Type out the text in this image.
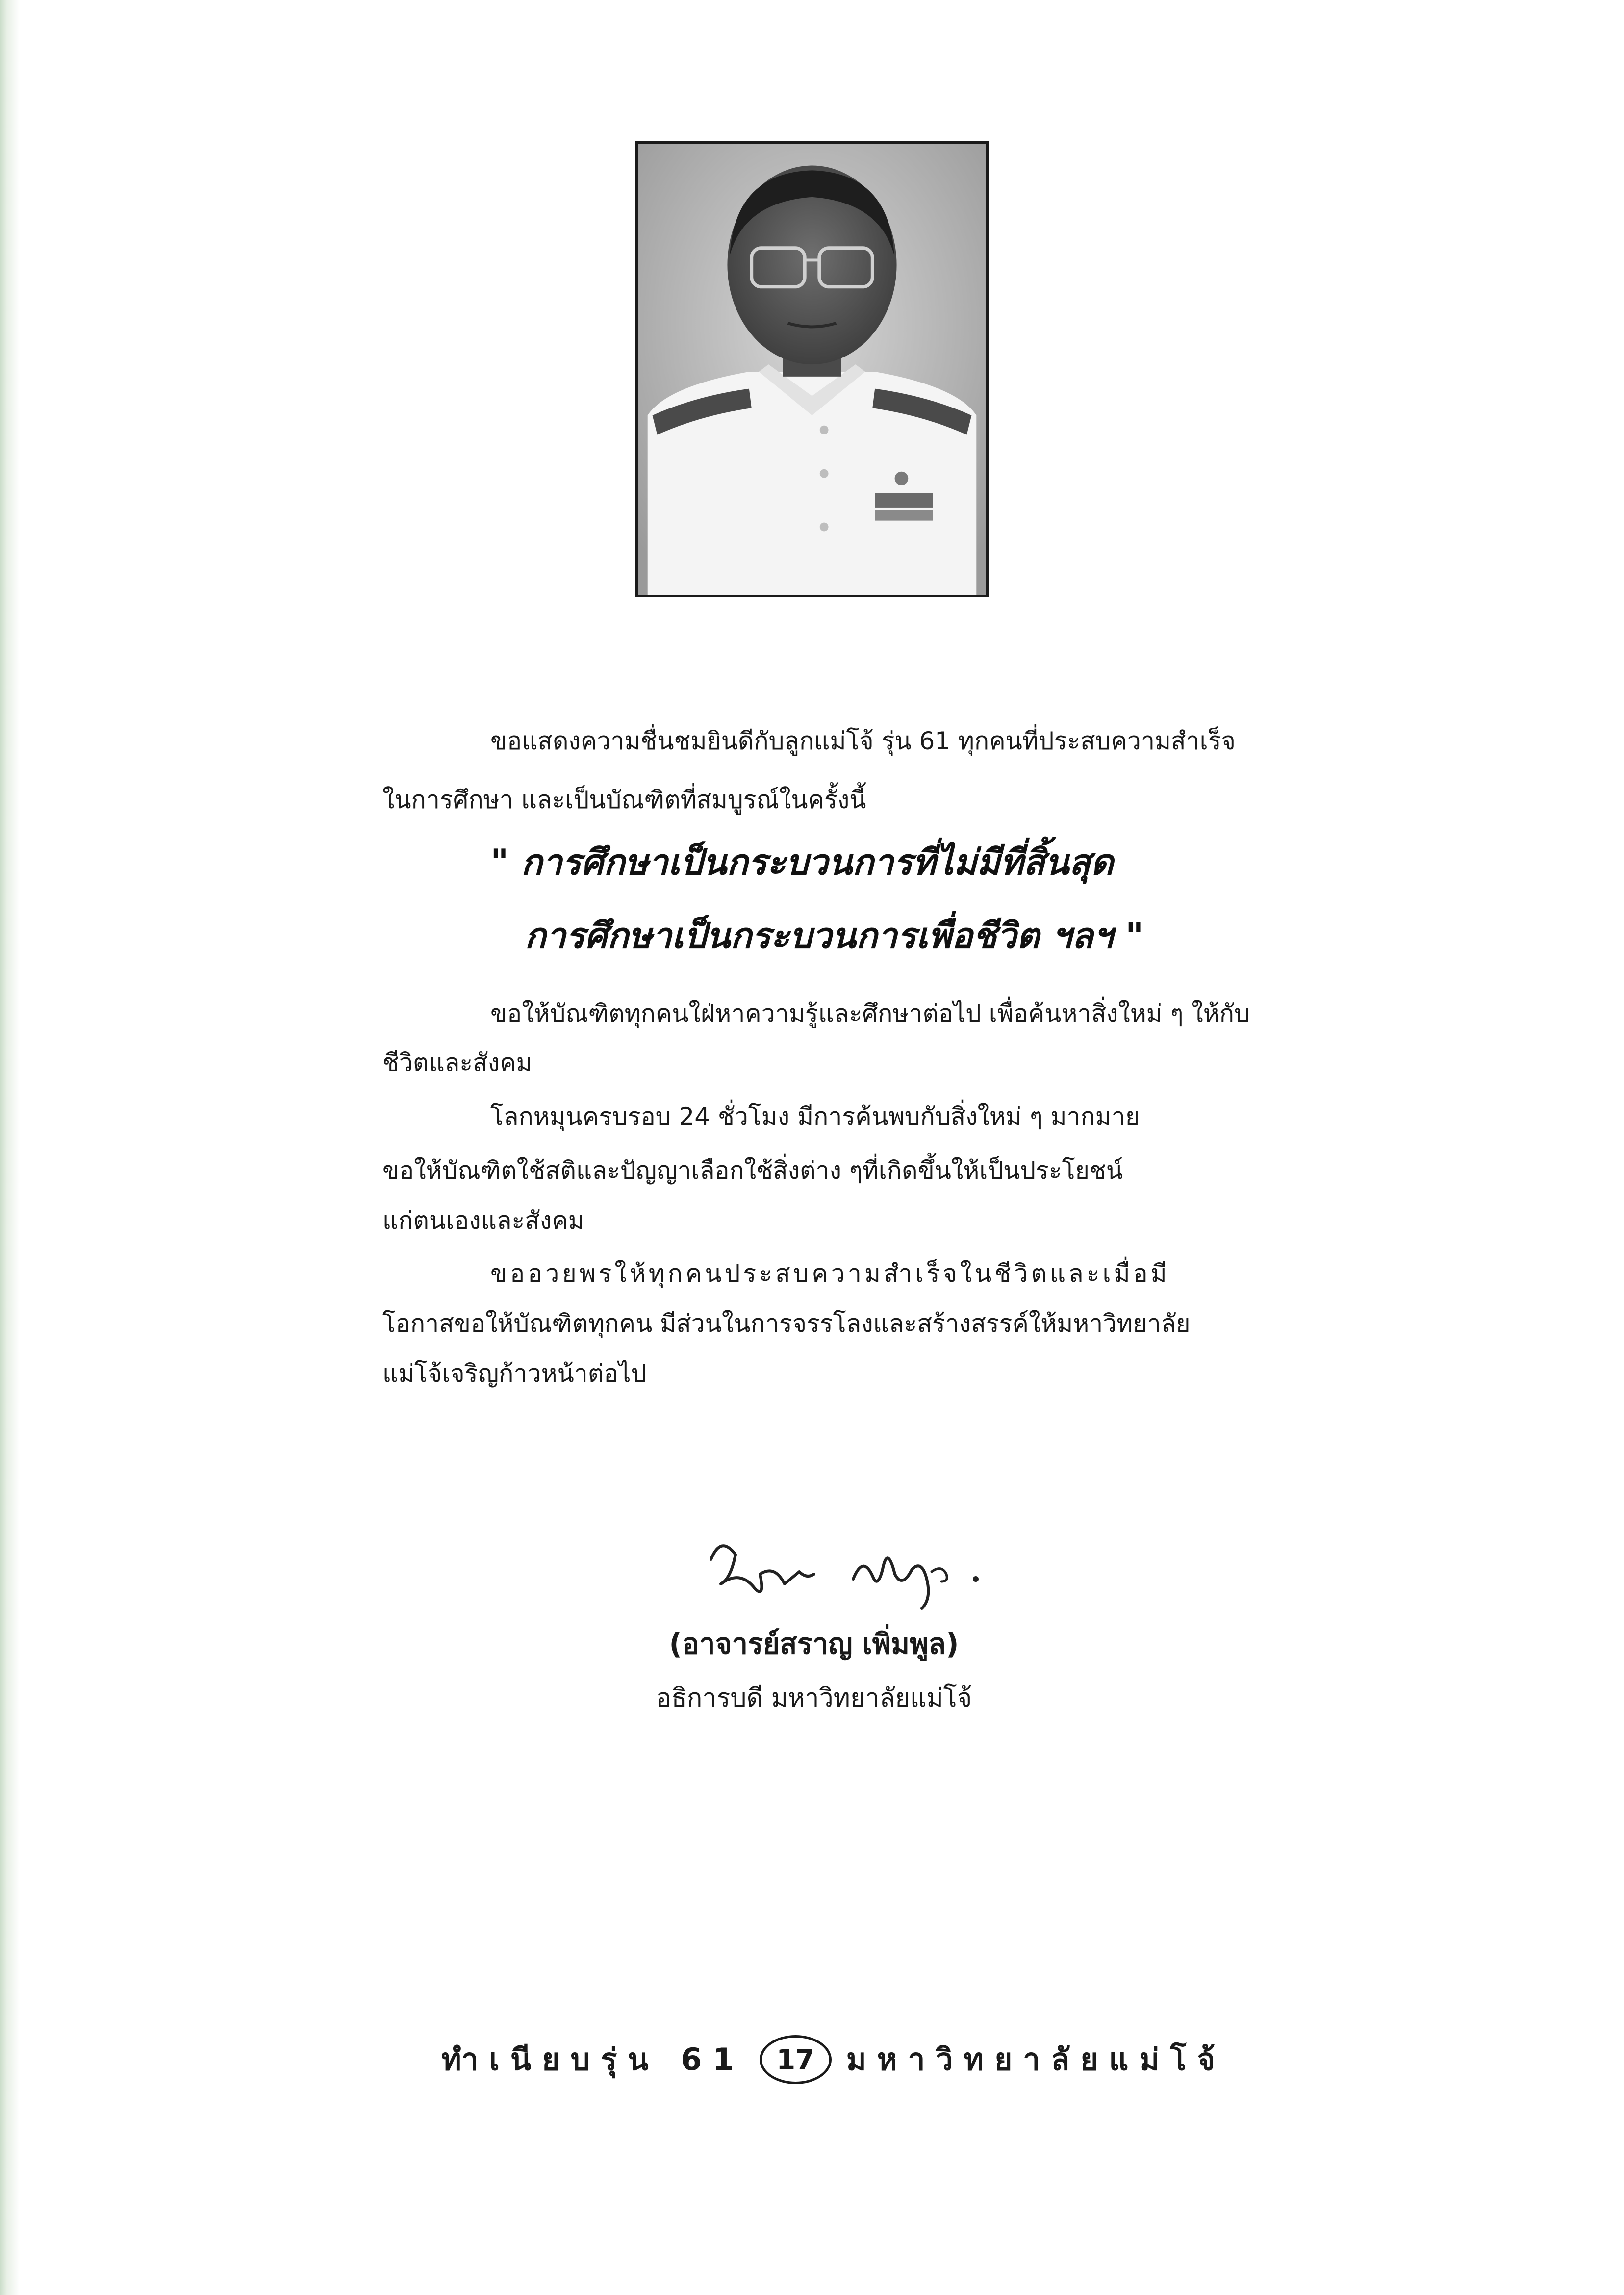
ขอแสดงความชื่นชมยินดีกับลูกแม่โจ้ รุ่น 61 ทุกคนที่ประสบความสำเร็จ
ในการศึกษา และเป็นบัณฑิตที่สมบูรณ์ในครั้งนี้
" การศึกษาเป็นกระบวนการที่ไม่มีที่สิ้นสุด
การศึกษาเป็นกระบวนการเพื่อชีวิต ฯลฯ "
ขอให้บัณฑิตทุกคนใฝ่หาความรู้และศึกษาต่อไป เพื่อค้นหาสิ่งใหม่ ๆ ให้กับ
ชีวิตและสังคม
โลกหมุนครบรอบ 24 ชั่วโมง มีการค้นพบกับสิ่งใหม่ ๆ มากมาย
ขอให้บัณฑิตใช้สติและปัญญาเลือกใช้สิ่งต่าง ๆที่เกิดขึ้นให้เป็นประโยชน์
แก่ตนเองและสังคม
ขออวยพรให้ทุกคนประสบความสำเร็จในชีวิตและเมื่อมี
โอกาสขอให้บัณฑิตทุกคน มีส่วนในการจรรโลงและสร้างสรรค์ให้มหาวิทยาลัย
แม่โจ้เจริญก้าวหน้าต่อไป
(อาจารย์สราญ เพิ่มพูล)
อธิการบดี มหาวิทยาลัยแม่โจ้
ทำเนียบรุ่น 61	17	มหาวิทยาลัยแม่โจ้
